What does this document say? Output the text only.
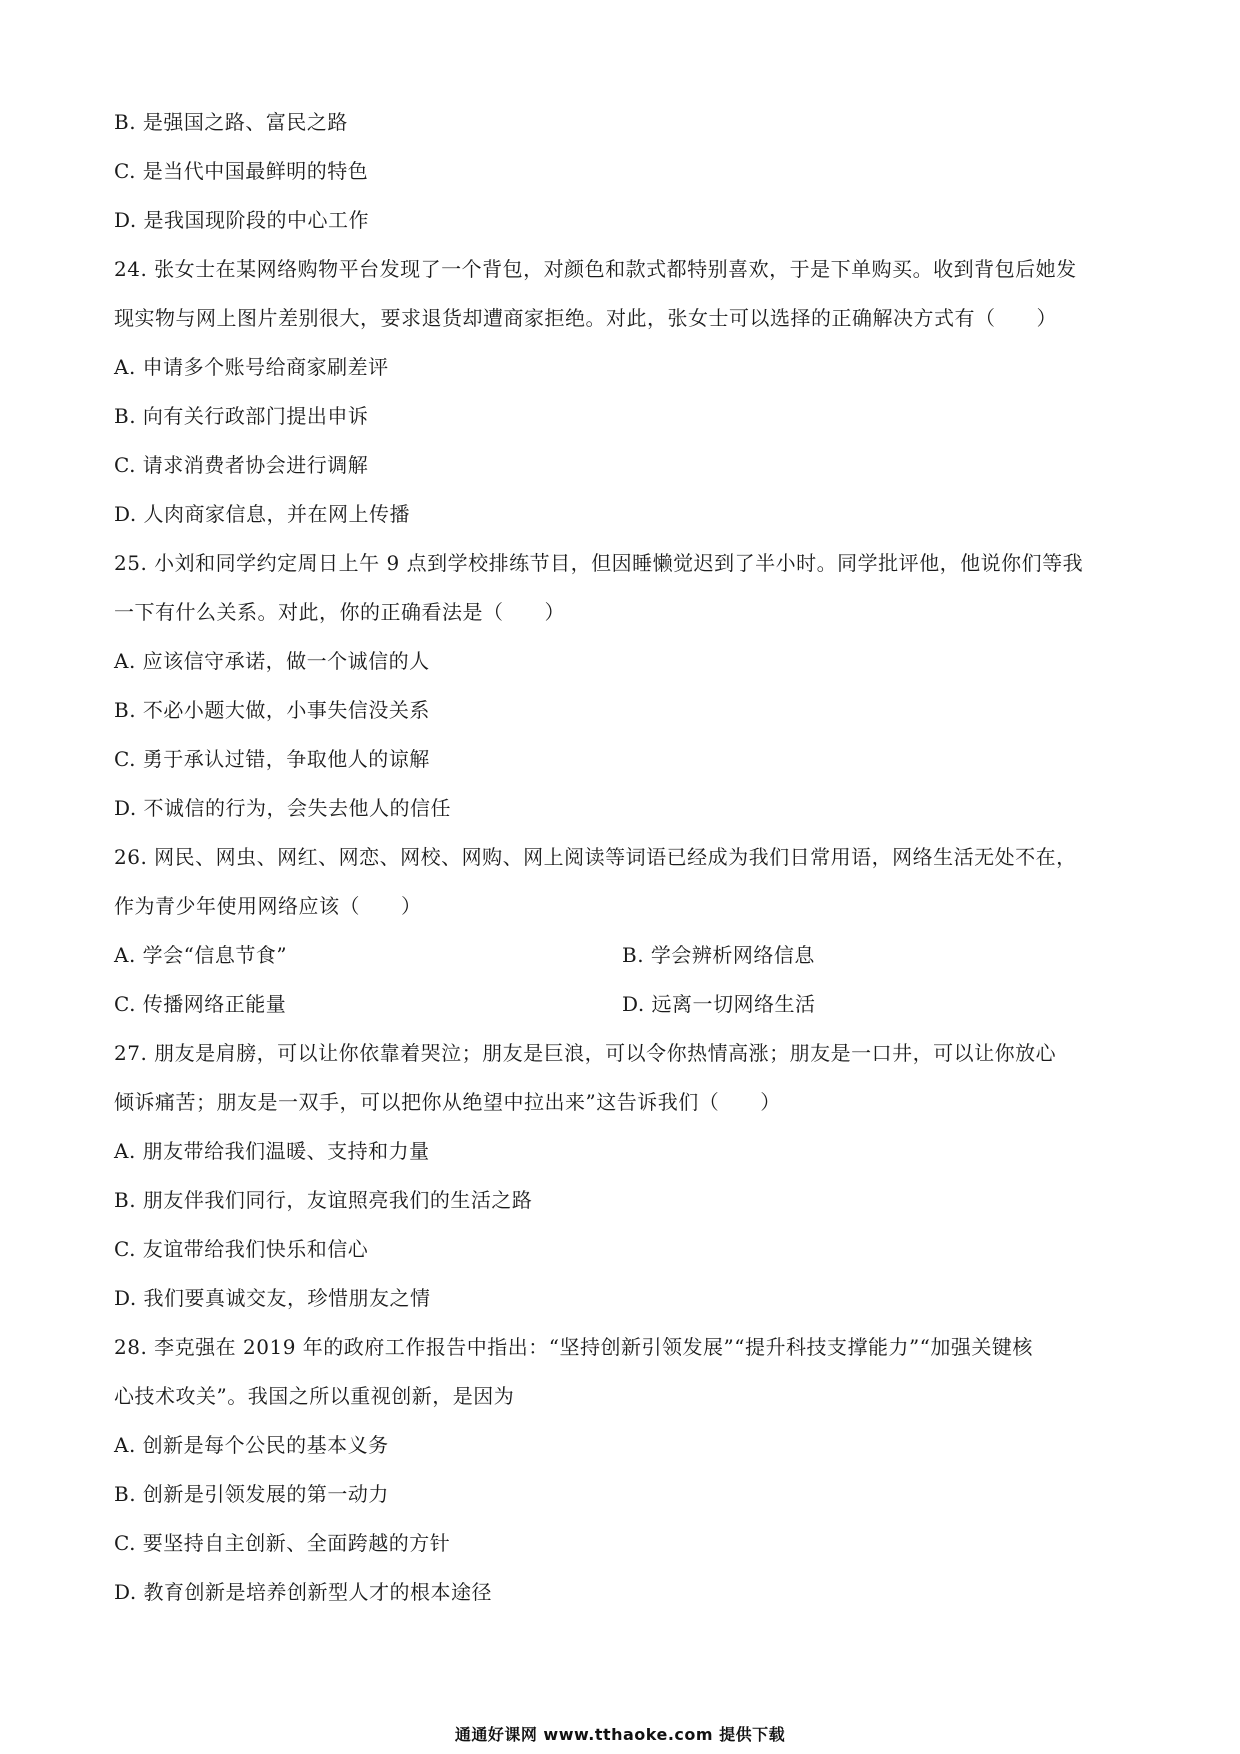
B. 是强国之路、富民之路
C. 是当代中国最鲜明的特色
D. 是我国现阶段的中心工作
24. 张女士在某网络购物平台发现了一个背包，对颜色和款式都特别喜欢，于是下单购买。收到背包后她发
现实物与网上图片差别很大，要求退货却遭商家拒绝。对此，张女士可以选择的正确解决方式有（　　）
A. 申请多个账号给商家刷差评
B. 向有关行政部门提出申诉
C. 请求消费者协会进行调解
D. 人肉商家信息，并在网上传播
25. 小刘和同学约定周日上午 9 点到学校排练节目，但因睡懒觉迟到了半小时。同学批评他，他说你们等我
一下有什么关系。对此，你的正确看法是（　　）
A. 应该信守承诺，做一个诚信的人
B. 不必小题大做，小事失信没关系
C. 勇于承认过错，争取他人的谅解
D. 不诚信的行为，会失去他人的信任
26. 网民、网虫、网红、网恋、网校、网购、网上阅读等词语已经成为我们日常用语，网络生活无处不在，
作为青少年使用网络应该（　　）
A. 学会“信息节食”	B. 学会辨析网络信息
C. 传播网络正能量	D. 远离一切网络生活
27. 朋友是肩膀，可以让你依靠着哭泣；朋友是巨浪，可以令你热情高涨；朋友是一口井，可以让你放心
倾诉痛苦；朋友是一双手，可以把你从绝望中拉出来”这告诉我们（　　）
A. 朋友带给我们温暖、支持和力量
B. 朋友伴我们同行，友谊照亮我们的生活之路
C. 友谊带给我们快乐和信心
D. 我们要真诚交友，珍惜朋友之情
28. 李克强在 2019 年的政府工作报告中指出：“坚持创新引领发展”“提升科技支撑能力”“加强关键核
心技术攻关”。我国之所以重视创新，是因为
A. 创新是每个公民的基本义务
B. 创新是引领发展的第一动力
C. 要坚持自主创新、全面跨越的方针
D. 教育创新是培养创新型人才的根本途径
通通好课网 www.tthaoke.com 提供下载
